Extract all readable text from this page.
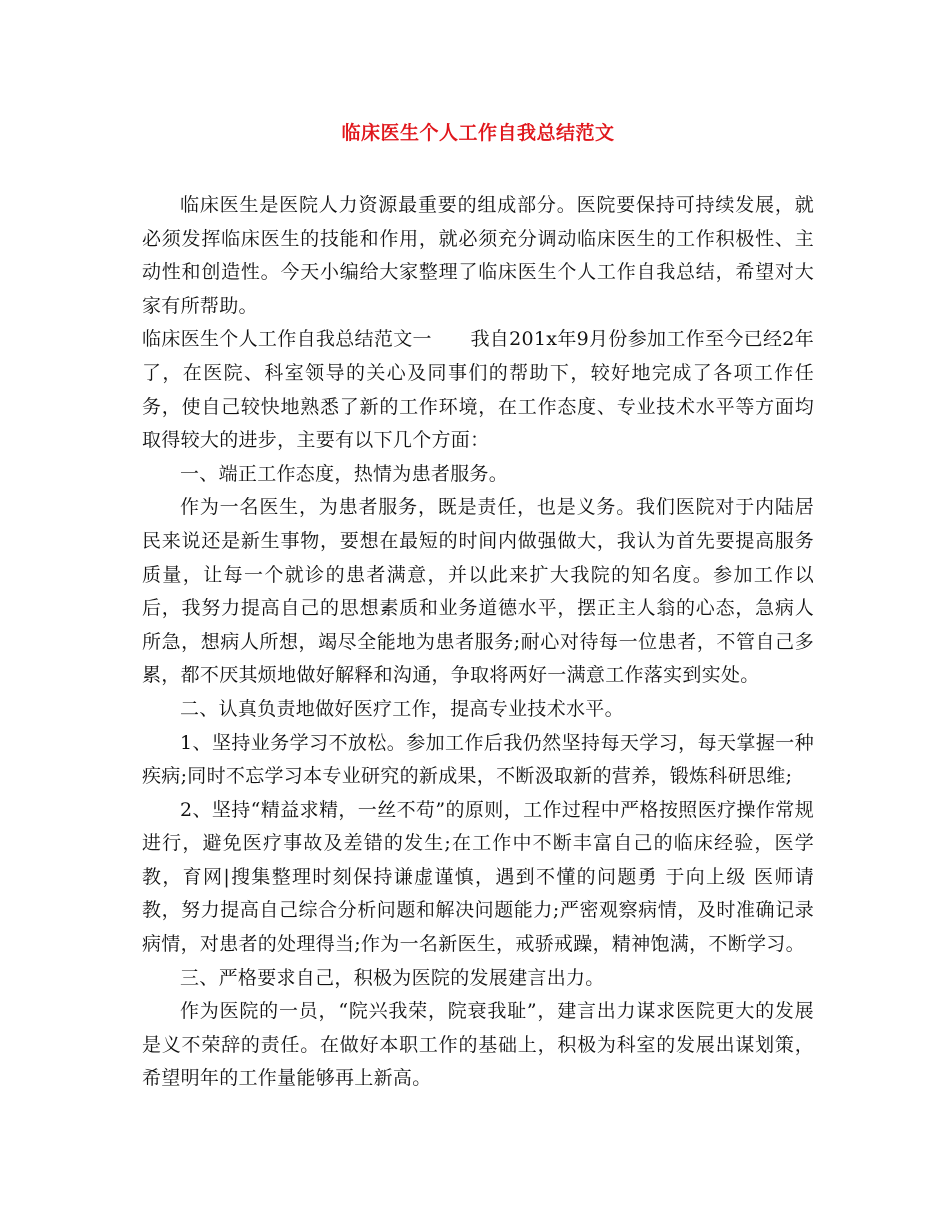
临床医生个人工作自我总结范文

临床医生是医院人力资源最重要的组成部分。医院要保持可持续发展，就必须发挥临床医生的技能和作用，就必须充分调动临床医生的工作积极性、主动性和创造性。今天小编给大家整理了临床医生个人工作自我总结，希望对大家有所帮助。

临床医生个人工作自我总结范文一　　我自201x年9月份参加工作至今已经2年了，在医院、科室领导的关心及同事们的帮助下，较好地完成了各项工作任务，使自己较快地熟悉了新的工作环境，在工作态度、专业技术水平等方面均取得较大的进步，主要有以下几个方面：

一、端正工作态度，热情为患者服务。

作为一名医生，为患者服务，既是责任，也是义务。我们医院对于内陆居民来说还是新生事物，要想在最短的时间内做强做大，我认为首先要提高服务质量，让每一个就诊的患者满意，并以此来扩大我院的知名度。参加工作以后，我努力提高自己的思想素质和业务道德水平，摆正主人翁的心态，急病人所急，想病人所想，竭尽全能地为患者服务;耐心对待每一位患者，不管自己多累，都不厌其烦地做好解释和沟通，争取将两好一满意工作落实到实处。

二、认真负责地做好医疗工作，提高专业技术水平。

1、坚持业务学习不放松。参加工作后我仍然坚持每天学习，每天掌握一种疾病;同时不忘学习本专业研究的新成果，不断汲取新的营养，锻炼科研思维;

2、坚持“精益求精，一丝不苟”的原则，工作过程中严格按照医疗操作常规进行，避免医疗事故及差错的发生;在工作中不断丰富自己的临床经验，医学教，育网|搜集整理时刻保持谦虚谨慎，遇到不懂的问题勇 于向上级 医师请教，努力提高自己综合分析问题和解决问题能力;严密观察病情，及时准确记录病情，对患者的处理得当;作为一名新医生，戒骄戒躁，精神饱满，不断学习。

三、严格要求自己，积极为医院的发展建言出力。

作为医院的一员，“院兴我荣，院衰我耻”，建言出力谋求医院更大的发展是义不荣辞的责任。在做好本职工作的基础上，积极为科室的发展出谋划策，希望明年的工作量能够再上新高。
